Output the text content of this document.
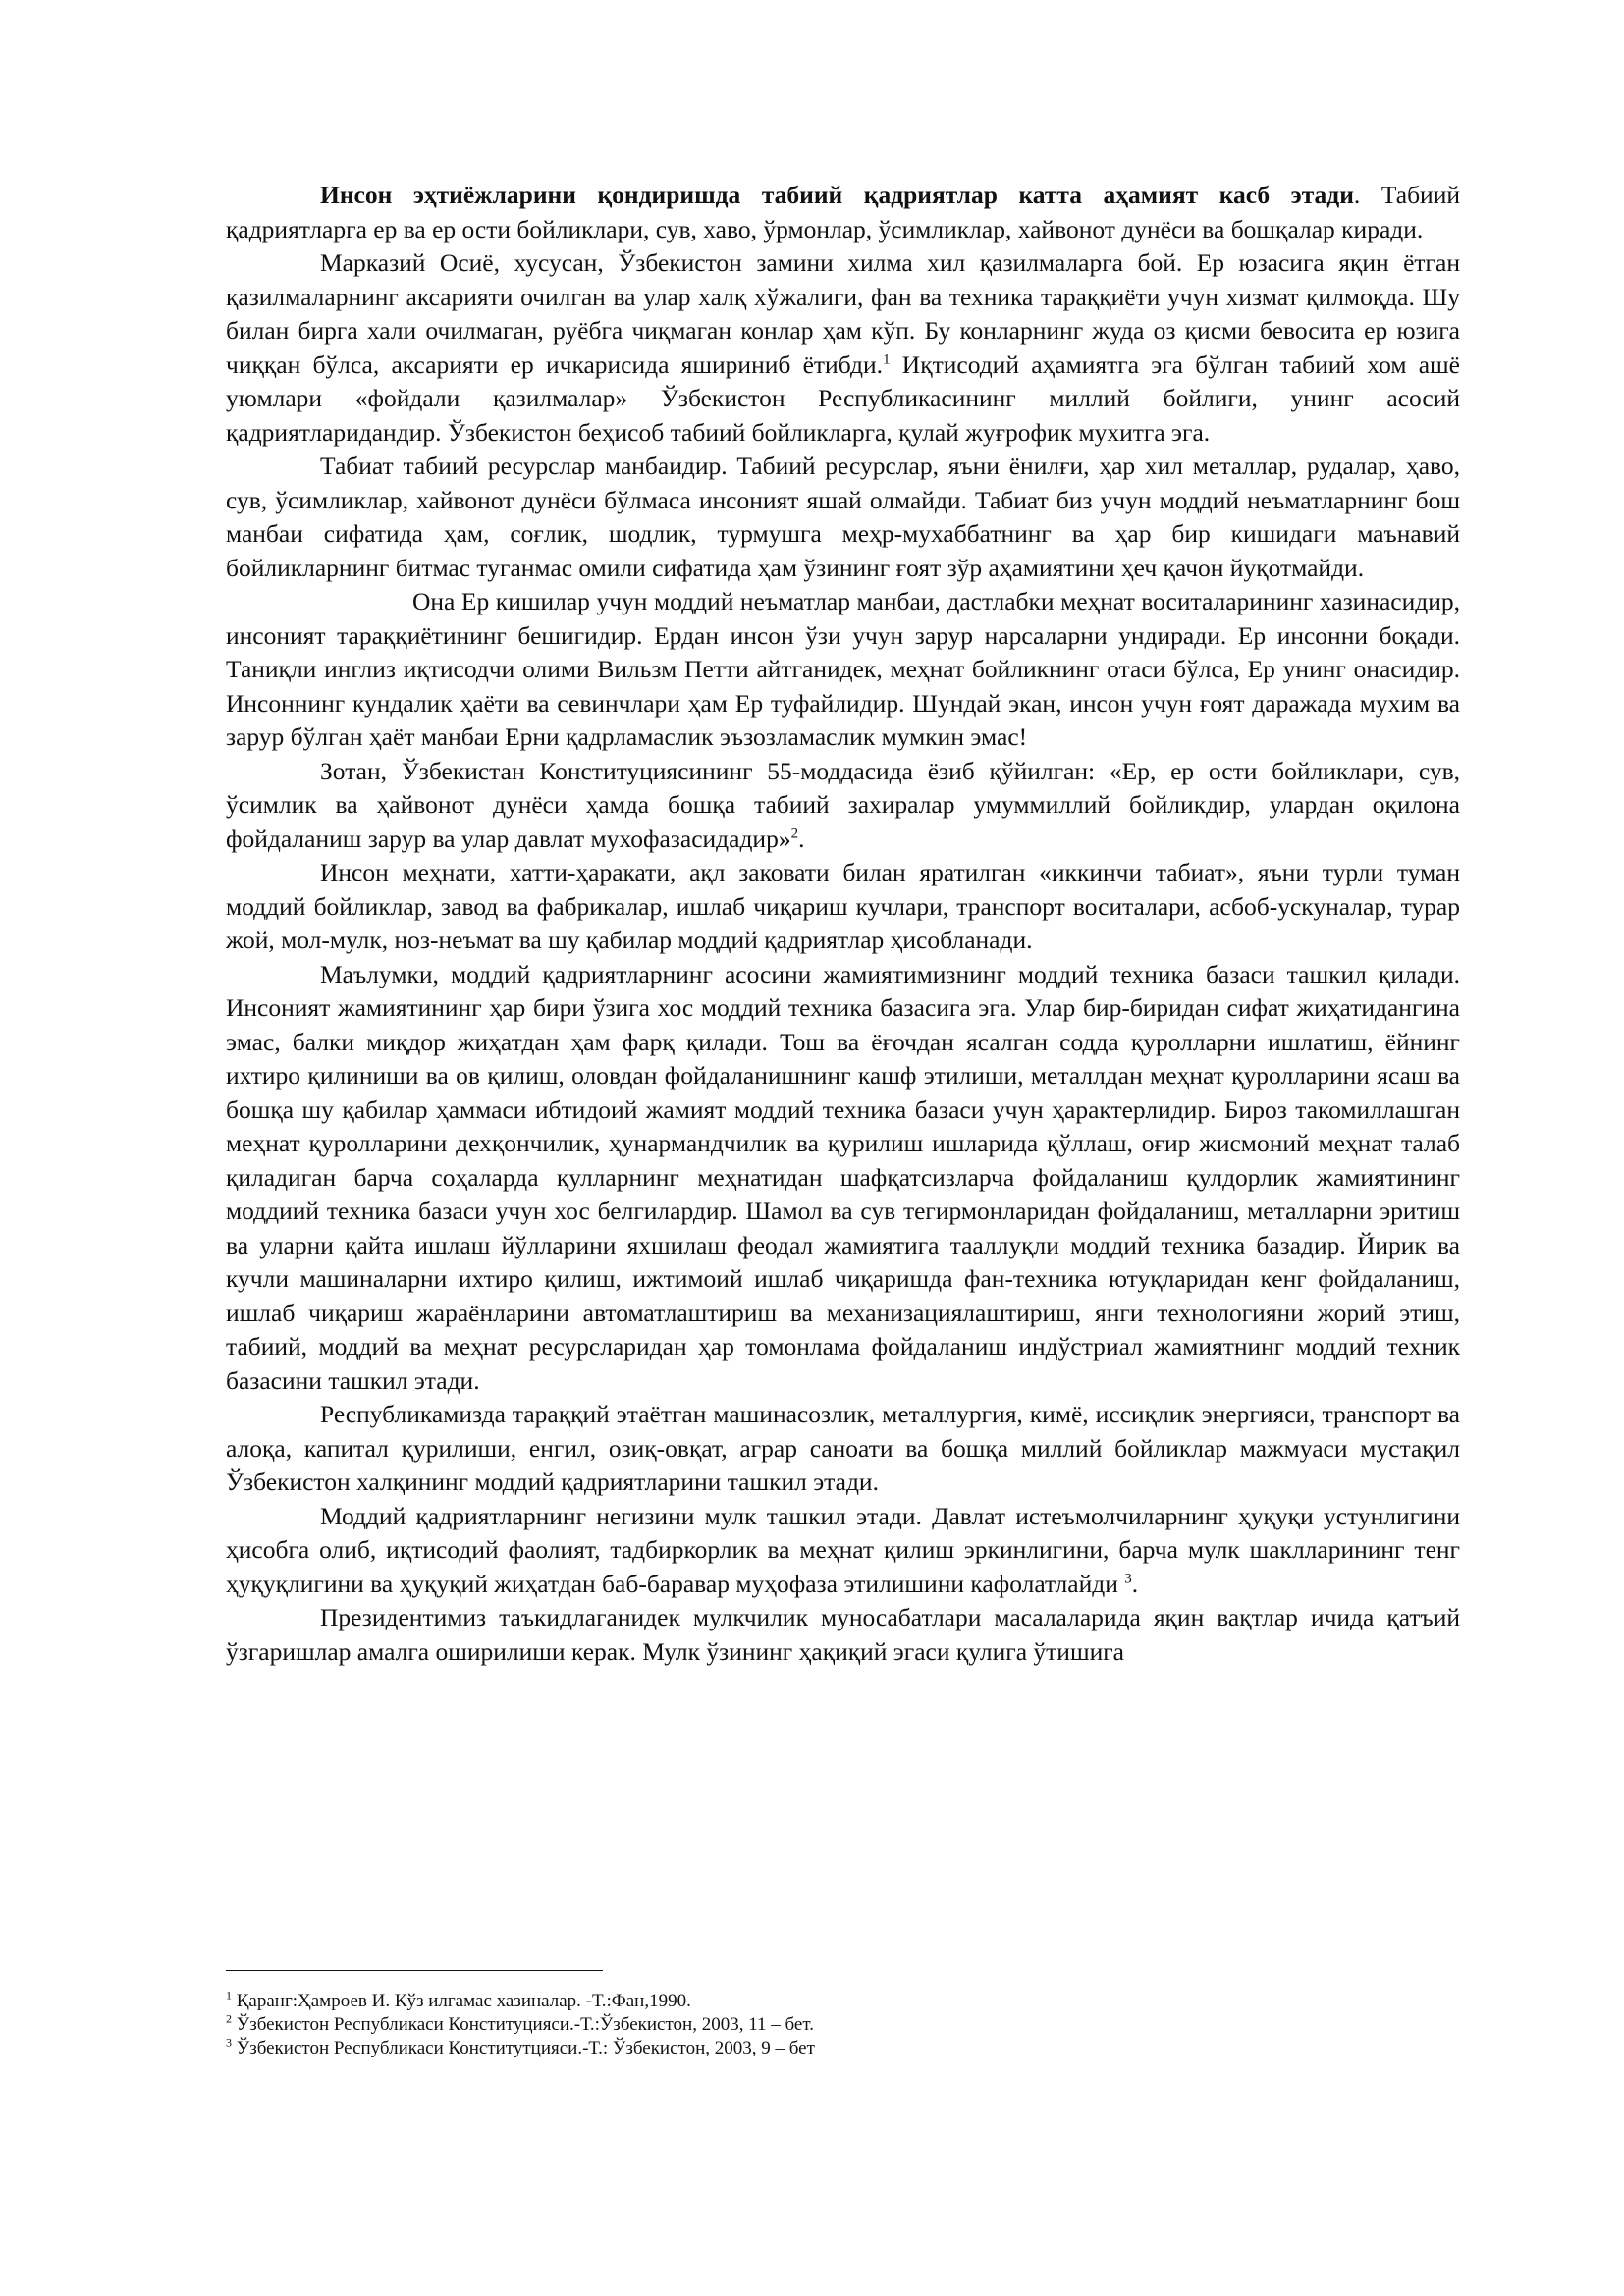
Инсон эҳтиёжларини қондиришда табиий қадриятлар катта аҳамият касб этади. Табиий қадриятларга ер ва ер ости бойликлари, сув, хаво, ўрмонлар, ўсимликлар, хайвонот дунёси ва бошқалар киради.

Марказий Осиё, хусусан, Ўзбекистон замини хилма хил қазилмаларга бой. Ер юзасига яқин ётган қазилмаларнинг аксарияти очилган ва улар халқ хўжалиги, фан ва техника тараққиёти учун хизмат қилмоқда. Шу билан бирга хали очилмаган, руёбга чиқмаган конлар ҳам кўп. Бу конларнинг жуда оз қисми бевосита ер юзига чиққан бўлса, аксарияти ер ичкарисида яшириниб ётибди.$^1$ Иқтисодий аҳамиятга эга бўлган табиий хом ашё уюмлари «фойдали қазилмалар» Ўзбекистон Республикасининг миллий бойлиги, унинг асосий қадриятларидандир. Ўзбекистон беҳисоб табиий бойликларга, қулай жуғрофик мухитга эга.

Табиат табиий ресурслар манбаидир. Табиий ресурслар, яъни ёнилғи, ҳар хил металлар, рудалар, ҳаво, сув, ўсимликлар, хайвонот дунёси бўлмаса инсоният яшай олмайди. Табиат биз учун моддий неъматларнинг бош манбаи сифатида ҳам, соғлик, шодлик, турмушга меҳр-мухаббатнинг ва ҳар бир кишидаги маънавий бойликларнинг битмас туганмас омили сифатида ҳам ўзининг ғоят зўр аҳамиятини ҳеч қачон йуқотмайди.

Она Ер кишилар учун моддий неъматлар манбаи, дастлабки меҳнат воситаларининг хазинасидир, инсоният тараққиётининг бешигидир. Ердан инсон ўзи учун зарур нарсаларни ундиради. Ер инсонни боқади. Таниқли инглиз иқтисодчи олими Вильзм Петти айтганидек, меҳнат бойликнинг отаси бўлса, Ер унинг онасидир. Инсоннинг кундалик ҳаёти ва севинчлари ҳам Ер туфайлидир. Шундай экан, инсон учун ғоят даражада мухим ва зарур бўлган ҳаёт манбаи Ерни қадрламаслик эъзозламаслик мумкин эмас!

Зотан, Ўзбекистан Конституциясининг 55-моддасида ёзиб қўйилган: «Ер, ер ости бойликлари, сув, ўсимлик ва ҳайвонот дунёси ҳамда бошқа табиий захиралар умуммиллий бойликдир, улардан оқилона фойдаланиш зарур ва улар давлат мухофазасидадир»$^2$.

Инсон меҳнати, хатти-ҳаракати, ақл заковати билан яратилган «иккинчи табиат», яъни турли туман моддий бойликлар, завод ва фабрикалар, ишлаб чиқариш кучлари, транспорт воситалари, асбоб-ускуналар, турар жой, мол-мулк, ноз-неъмат ва шу қабилар моддий қадриятлар ҳисобланади.

Маълумки, моддий қадриятларнинг асосини жамиятимизнинг моддий техника базаси ташкил қилади. Инсоният жамиятининг ҳар бири ўзига хос моддий техника базасига эга. Улар бир-биридан сифат жиҳатидангина эмас, балки миқдор жиҳатдан ҳам фарқ қилади. Тош ва ёғочдан ясалган содда қуролларни ишлатиш, ёйнинг ихтиро қилиниши ва ов қилиш, оловдан фойдаланишнинг кашф этилиши, металлдан меҳнат қуролларини ясаш ва бошқа шу қабилар ҳаммаси ибтидоий жамият моддий техника базаси учун ҳарактерлидир. Бироз такомиллашган меҳнат қуролларини дехқончилик, ҳунармандчилик ва қурилиш ишларида қўллаш, оғир жисмоний меҳнат талаб қиладиган барча соҳаларда қулларнинг меҳнатидан шафқатсизларча фойдаланиш қулдорлик жамиятининг моддиий техника базаси учун хос белгилардир. Шамол ва сув тегирмонларидан фойдаланиш, металларни эритиш ва уларни қайта ишлаш йўлларини яхшилаш феодал жамиятига тааллуқли моддий техника базадир. Йирик ва кучли машиналарни ихтиро қилиш, ижтимоий ишлаб чиқаришда фан-техника ютуқларидан кенг фойдаланиш, ишлаб чиқариш жараёнларини автоматлаштириш ва механизациялаштириш, янги технологияни жорий этиш, табиий, моддий ва меҳнат ресурсларидан ҳар томонлама фойдаланиш индўстриал жамиятнинг моддий техник базасини ташкил этади.

Республикамизда тараққий этаётган машинасозлик, металлургия, кимё, иссиқлик энергияси, транспорт ва алоқа, капитал қурилиши, енгил, озиқ-овқат, аграр саноати ва бошқа миллий бойликлар мажмуаси мустақил Ўзбекистон халқининг моддий қадриятларини ташкил этади.

Моддий қадриятларнинг негизини мулк ташкил этади. Давлат истеъмолчиларнинг ҳуқуқи устунлигини ҳисобга олиб, иқтисодий фаолият, тадбиркорлик ва меҳнат қилиш эркинлигини, барча мулк шаклларининг тенг ҳуқуқлигини ва ҳуқуқий жиҳатдан баб-баравар муҳофаза этилишини кафолатлайди $^3$.

Президентимиз таъкидлаганидек мулкчилик муносабатлари масалаларида яқин вақтлар ичида қатъий ўзгаришлар амалга оширилиши керак. Мулк ўзининг ҳақиқий эгаси қулига ўтишига

$^1$ Қаранг:Ҳамроев И. Кўз илғамас хазиналар. -Т.:Фан,1990.

$^2$ Ўзбекистон Республикаси Конституцияси.-Т.:Ўзбекистон, 2003, 11 – бет.

$^3$ Ўзбекистон Республикаси Конститутцияси.-Т.: Ўзбекистон, 2003, 9 – бет
